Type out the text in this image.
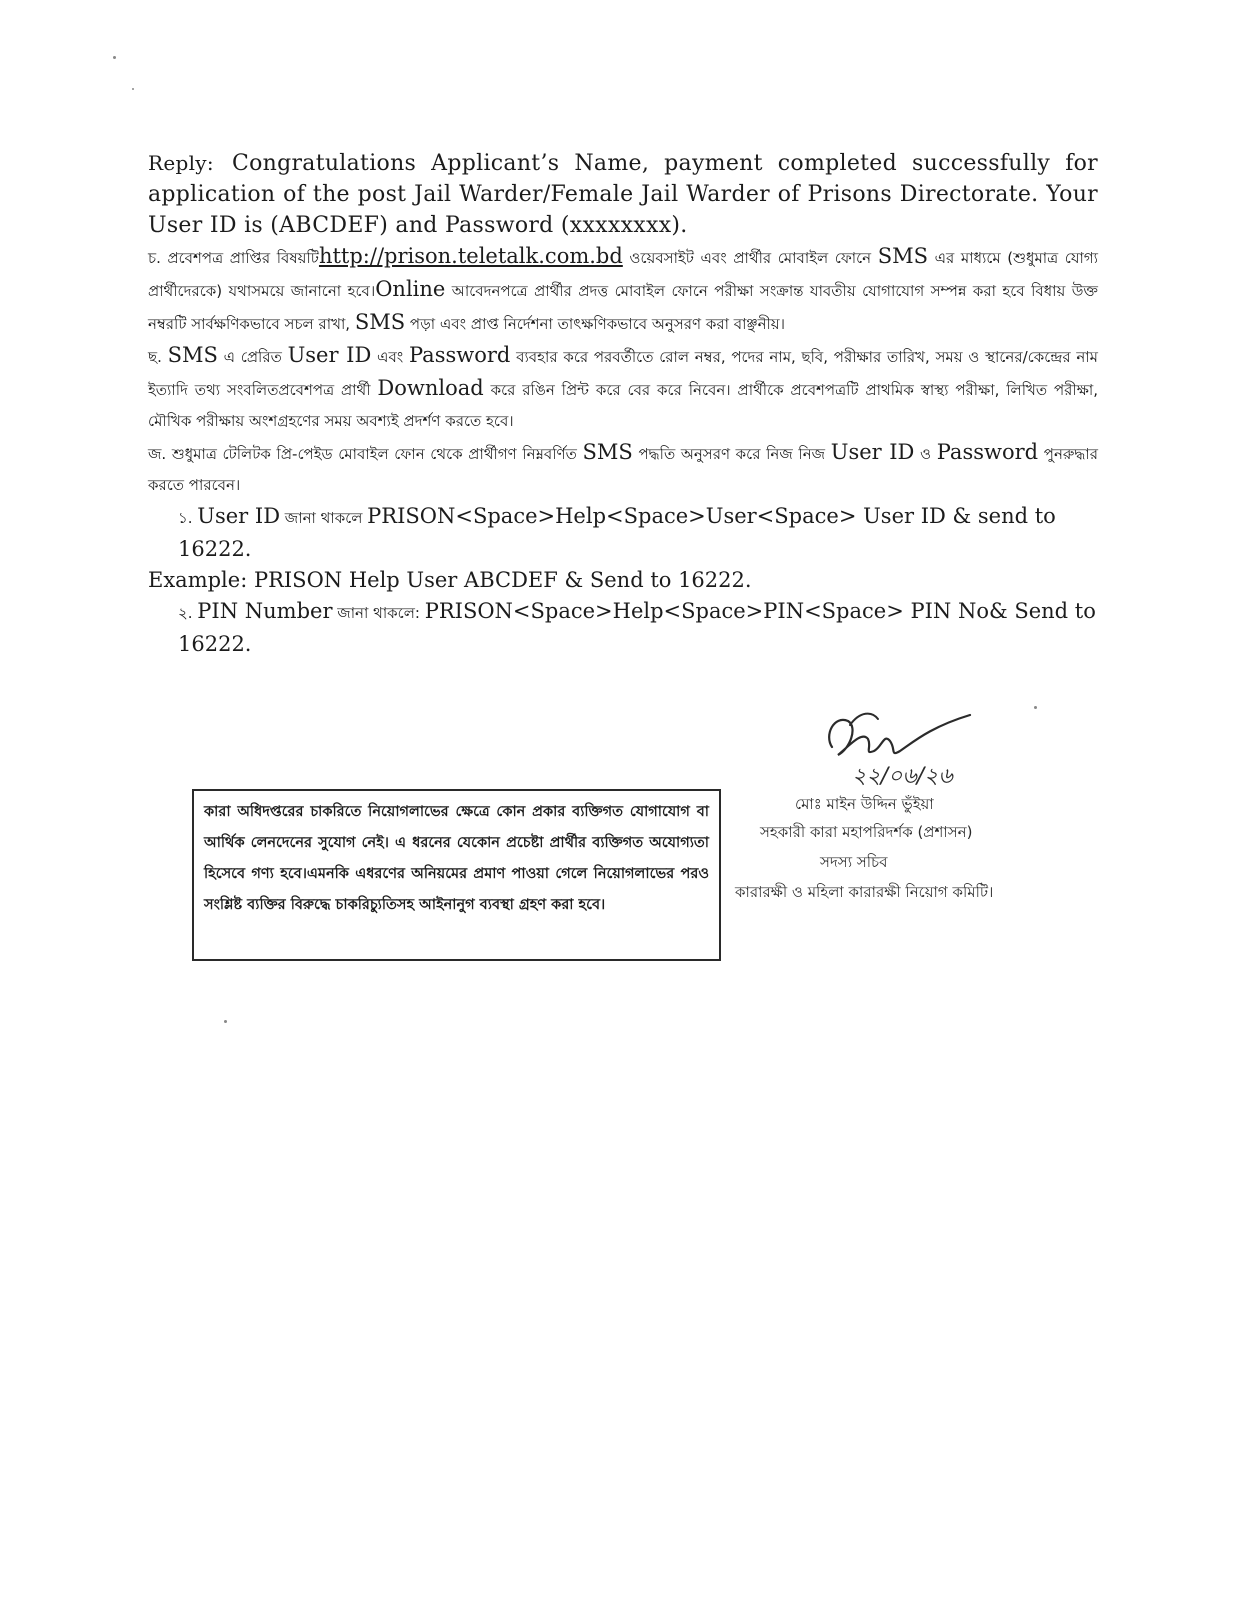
Reply: Congratulations Applicant’s Name, payment completed successfully for application of the post Jail Warder/Female Jail Warder of Prisons Directorate. Your User ID is (ABCDEF) and Password (xxxxxxxx).
চ. প্রবেশপত্র প্রাপ্তির বিষয়টিhttp://prison.teletalk.com.bd ওয়েবসাইট এবং প্রার্থীর মোবাইল ফোনে SMS এর মাধ্যমে (শুধুমাত্র যোগ্য প্রার্থীদেরকে) যথাসময়ে জানানো হবে।Online আবেদনপত্রে প্রার্থীর প্রদত্ত মোবাইল ফোনে পরীক্ষা সংক্রান্ত যাবতীয় যোগাযোগ সম্পন্ন করা হবে বিধায় উক্ত নম্বরটি সার্বক্ষণিকভাবে সচল রাখা, SMS পড়া এবং প্রাপ্ত নির্দেশনা তাৎক্ষণিকভাবে অনুসরণ করা বাঞ্ছনীয়।
ছ. SMS এ প্রেরিত User ID এবং Password ব্যবহার করে পরবর্তীতে রোল নম্বর, পদের নাম, ছবি, পরীক্ষার তারিখ, সময় ও স্থানের/কেন্দ্রের নাম ইত্যাদি তথ্য সংবলিতপ্রবেশপত্র প্রার্থী Download করে রঙিন প্রিন্ট করে বের করে নিবেন। প্রার্থীকে প্রবেশপত্রটি প্রাথমিক স্বাস্থ্য পরীক্ষা, লিখিত পরীক্ষা, মৌখিক পরীক্ষায় অংশগ্রহণের সময় অবশ্যই প্রদর্শণ করতে হবে।
জ. শুধুমাত্র টেলিটক প্রি-পেইড মোবাইল ফোন থেকে প্রার্থীগণ নিম্নবর্ণিত SMS পদ্ধতি অনুসরণ করে নিজ নিজ User ID ও Password পুনরুদ্ধার করতে পারবেন।
১. User ID জানা থাকলে PRISON<Space>Help<Space>User<Space> User ID & send to 16222.
Example: PRISON Help User ABCDEF & Send to 16222.
২. PIN Number জানা থাকলে: PRISON<Space>Help<Space>PIN<Space> PIN No& Send to 16222.
২২/০৬/২৬
মোঃ মাইন উদ্দিন ভুঁইয়া
সহকারী কারা মহাপরিদর্শক (প্রশাসন)
সদস্য সচিব
কারারক্ষী ও মহিলা কারারক্ষী নিয়োগ কমিটি।
কারা অধিদপ্তরের চাকরিতে নিয়োগলাভের ক্ষেত্রে কোন প্রকার ব্যক্তিগত যোগাযোগ বা আর্থিক লেনদেনের সুযোগ নেই। এ ধরনের যেকোন প্রচেষ্টা প্রার্থীর ব্যক্তিগত অযোগ্যতা হিসেবে গণ্য হবে।এমনকি এধরণের অনিয়মের প্রমাণ পাওয়া গেলে নিয়োগলাভের পরও সংশ্লিষ্ট ব্যক্তির বিরুদ্ধে চাকরিচ্যুতিসহ আইনানুগ ব্যবস্থা গ্রহণ করা হবে।
